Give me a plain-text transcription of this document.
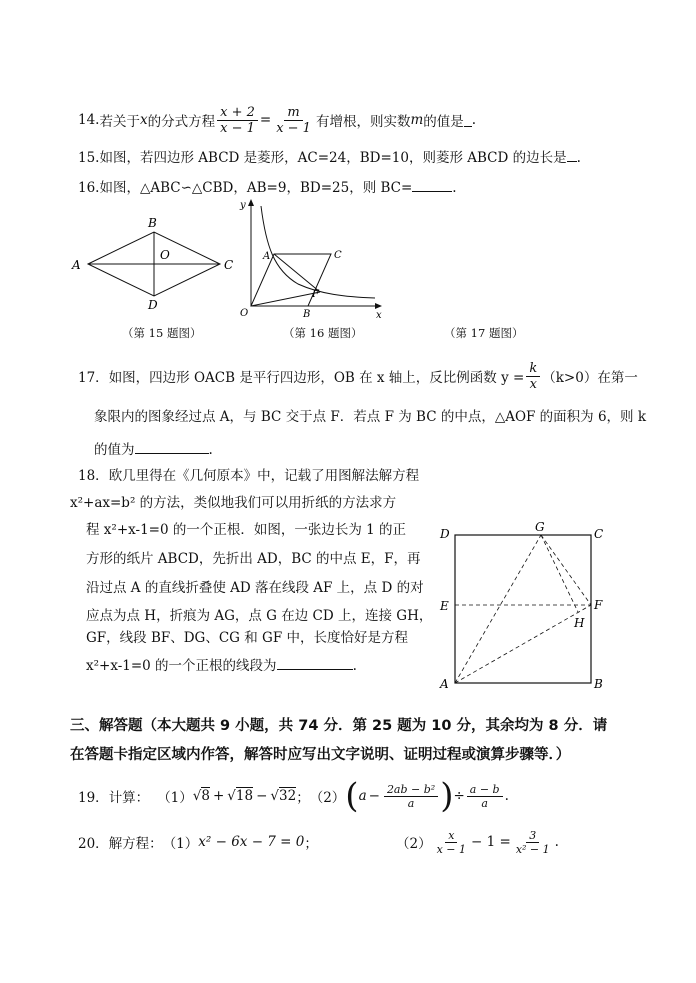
14. 若关于 x 的分式方程 $\frac{x + 2}{x - 1} = \frac{m}{x - 1}$ 有增根，则实数 m 的值是 .
15.如图，若四边形 ABCD 是菱形，AC=24，BD=10，则菱形 ABCD 的边长是 .
16.如图，△ABC∽△CBD，AB=9，BD=25，则 BC=	.
A
B
C
D
O
（第 15 题图）
y
x
O
A
B
C
F
（第 16 题图）	（第 17 题图）
17． 如图，四边形 OACB 是平行四边形，OB 在 x 轴上，反比例函数 $y = \frac{k}{x} (k>0)$在第一
象限内的图象经过点 A，与 BC 交于点 F．若点 F 为 BC 的中点，△AOF 的面积为 6，则 k
的值为	.
18．欧几里得在《几何原本》中，记载了用图解法解方程
x²+ax=b² 的方法，类似地我们可以用折纸的方法求方
程 x²+x-1=0 的一个正根．如图，一张边长为 1 的正
方形的纸片 ABCD，先折出 AD，BC 的中点 E，F，再
沿过点 A 的直线折叠使 AD 落在线段 AF 上，点 D 的对
应点为点 H，折痕为 AG，点 G 在边 CD 上，连接 GH，
GF，线段 BF、DG、CG 和 GF 中，长度恰好是方程
x²+x-1=0 的一个正根的线段为	.
D	G	C
E	F
H
A	B
三、解答题（本大题共 9 小题，共 74 分．第 25 题为 10 分，其余均为 8 分．请
在答题卡指定区域内作答，解答时应写出文字说明、证明过程或演算步骤等．）
19． 计算： （1） √8 + √18 − √32 ； （2） ( $a - \frac{\text{2ab − b²}}{a}$ ) ÷ $\frac{a - b}{a}$ .
20． 解方程： （1） x² − 6x − 7 = 0 ；	$(2) \frac{x}{x - 1} - 1 = \frac{3}{\text{x² − 1}}$ .
